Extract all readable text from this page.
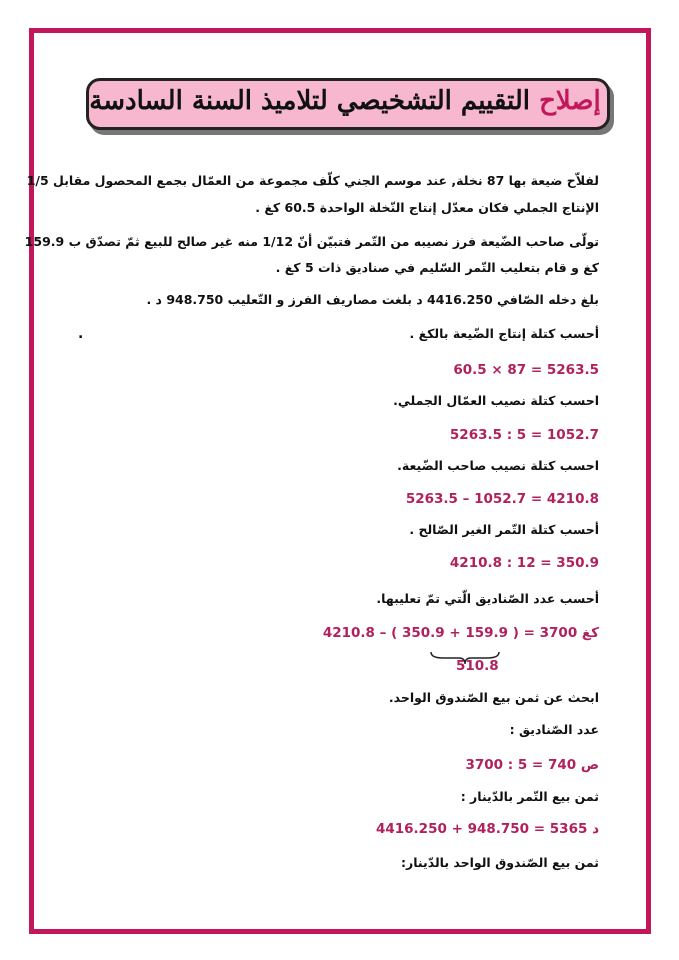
إصلاح التقييم التشخيصي لتلاميذ السنة السادسة
لفلاّح ضيعة بها 87 نخلة, عند موسم الجني كلّف مجموعة من العمّال بجمع المحصول مقابل 1/5
الإنتاج الجملي فكان معدّل إنتاج النّخلة الواحدة 60.5 كغ .
تولّى صاحب الضّيعة فرز نصيبه من التّمر فتبيّن أنّ 1/12 منه غير صالح للبيع ثمّ تصدّق ب 159.9
كغ و قام بتعليب التّمر السّليم في صناديق ذات 5 كغ .
بلغ دخله الصّافي 4416.250 د بلغت مصاريف الفرز و التّعليب 948.750 د .
أحسب كتلة إنتاج الضّيعة بالكغ .
.
60.5 × 87 = 5263.5
احسب كتلة نصيب العمّال الجملي.
5263.5 : 5 = 1052.7
احسب كتلة نصيب صاحب الضّيعة.
5263.5 – 1052.7 = 4210.8
أحسب كتلة التّمر الغير الصّالح .
4210.8 : 12 = 350.9
أحسب عدد الصّناديق الّتي تمّ تعليبها.
4210.8 – ( 350.9 + 159.9 ) = 3700 كغ
510.8
ابحث عن ثمن بيع الصّندوق الواحد.
عدد الصّناديق :
3700 : 5 = 740 ص
ثمن بيع التّمر بالدّينار :
4416.250 + 948.750 = 5365 د
ثمن بيع الصّندوق الواحد بالدّينار:
